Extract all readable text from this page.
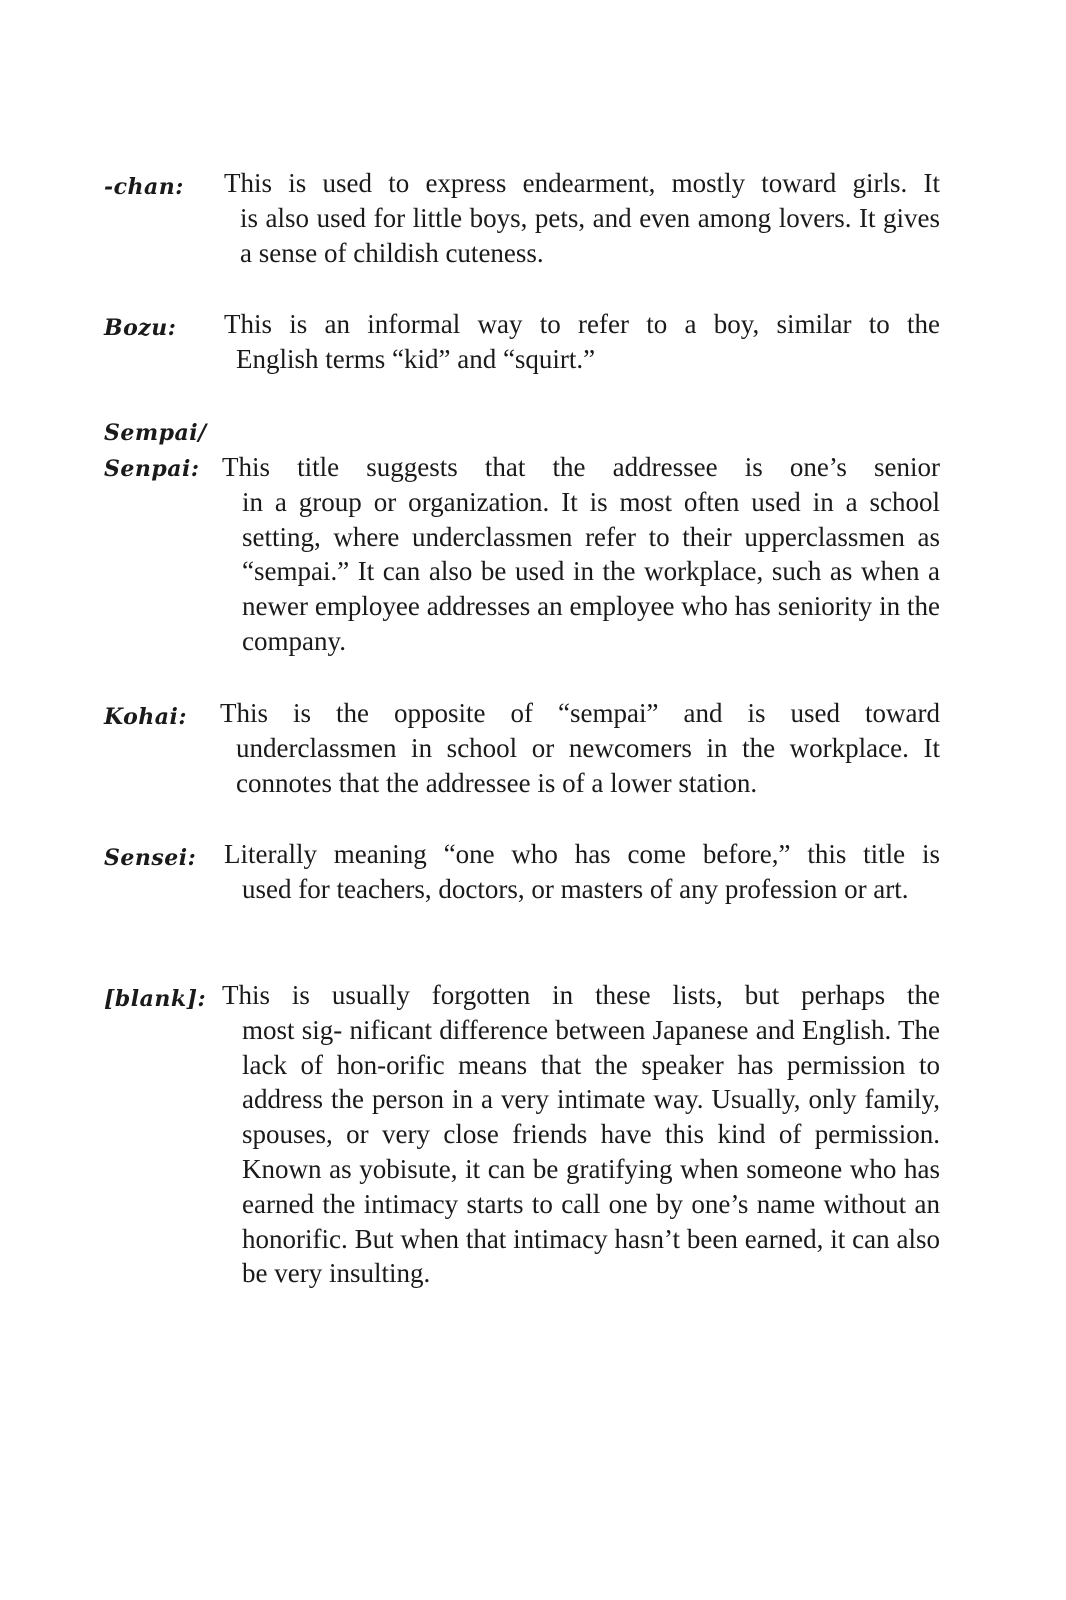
-chan: This is used to express endearment, mostly toward girls. It
is also used for little boys, pets, and even among lovers. It gives a sense of childish cuteness.
Bozu: This is an informal way to refer to a boy, similar to the
English terms “kid” and “squirt.”
Sempai/
Senpai: This title suggests that the addressee is one’s senior
in a group or organization. It is most often used in a school setting, where underclassmen refer to their upperclassmen as “sempai.” It can also be used in the workplace, such as when a newer employee addresses an employee who has seniority in the company.
Kohai: This is the opposite of “sempai” and is used toward
underclassmen in school or newcomers in the workplace. It connotes that the addressee is of a lower station.
Sensei: Literally meaning “one who has come before,” this title is
used for teachers, doctors, or masters of any profession or art.
[blank]: This is usually forgotten in these lists, but perhaps the
most sig- nificant difference between Japanese and English. The lack of hon-orific means that the speaker has permission to address the person in a very intimate way. Usually, only family, spouses, or very close friends have this kind of permission. Known as yobisute, it can be gratifying when someone who has earned the intimacy starts to call one by one’s name without an honorific. But when that intimacy hasn’t been earned, it can also be very insulting.
